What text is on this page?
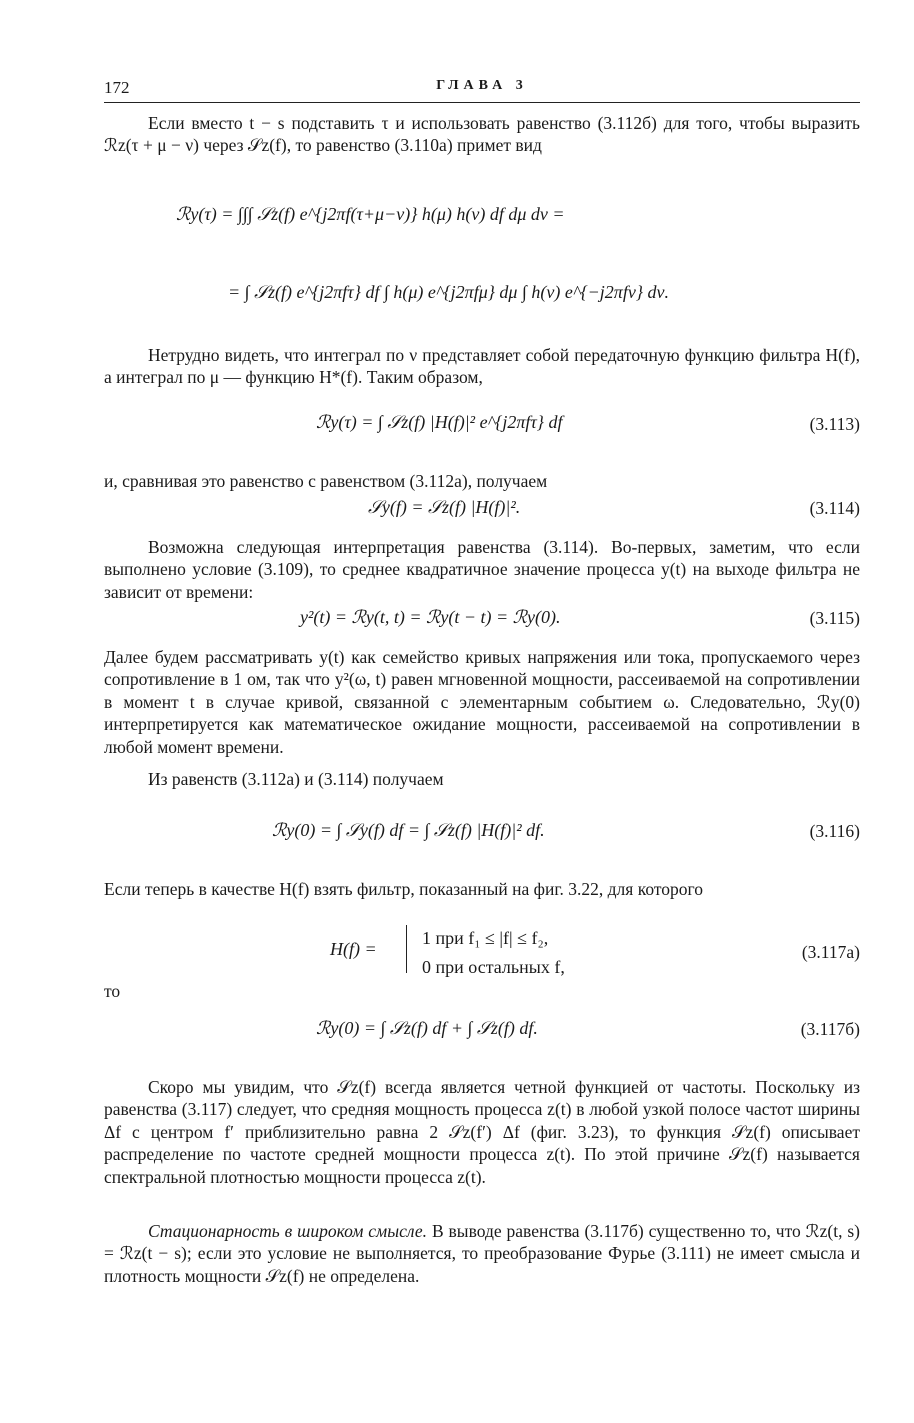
172	ГЛАВА 3

Если вместо t − s подставить τ и использовать равенство (3.112б) для того, чтобы выразить ℛz(τ + μ − ν) через 𝒮z(f), то равенство (3.110а) примет вид

ℛy(τ) = ∫∫∫ 𝒮z(f) e^{j2πf(τ+μ−ν)} h(μ) h(ν) df dμ dν =
= ∫ 𝒮z(f) e^{j2πfτ} df ∫ h(μ) e^{j2πfμ} dμ ∫ h(ν) e^{−j2πfν} dν.

Нетрудно видеть, что интеграл по ν представляет собой передаточную функцию фильтра H(f), а интеграл по μ — функцию H*(f). Таким образом,

ℛy(τ) = ∫ 𝒮z(f) |H(f)|² e^{j2πfτ} df	(3.113)

и, сравнивая это равенство с равенством (3.112а), получаем

𝒮y(f) = 𝒮z(f) |H(f)|².	(3.114)

Возможна следующая интерпретация равенства (3.114). Во-первых, заметим, что если выполнено условие (3.109), то среднее квадратичное значение процесса y(t) на выходе фильтра не зависит от времени:

y²(t) = ℛy(t, t) = ℛy(t − t) = ℛy(0).	(3.115)

Далее будем рассматривать y(t) как семейство кривых напряжения или тока, пропускаемого через сопротивление в 1 ом, так что y²(ω, t) равен мгновенной мощности, рассеиваемой на сопротивлении в момент t в случае кривой, связанной с элементарным событием ω. Следовательно, ℛy(0) интерпретируется как математическое ожидание мощности, рассеиваемой на сопротивлении в любой момент времени.

Из равенств (3.112а) и (3.114) получаем

ℛy(0) = ∫ 𝒮y(f) df = ∫ 𝒮z(f) |H(f)|² df.	(3.116)

Если теперь в качестве H(f) взять фильтр, показанный на фиг. 3.22, для которого

H(f) =
1 при f₁ ≤ |f| ≤ f₂,
0 при остальных f,
(3.117а)

то

ℛy(0) = ∫ 𝒮z(f) df + ∫ 𝒮z(f) df.	(3.117б)

Скоро мы увидим, что 𝒮z(f) всегда является четной функцией от частоты. Поскольку из равенства (3.117) следует, что средняя мощность процесса z(t) в любой узкой полосе частот ширины Δf с центром f′ приблизительно равна 2 𝒮z(f′) Δf (фиг. 3.23), то функция 𝒮z(f) описывает распределение по частоте средней мощности процесса z(t). По этой причине 𝒮z(f) называется спектральной плотностью мощности процесса z(t).

Стационарность в широком смысле. В выводе равенства (3.117б) существенно то, что ℛz(t, s) = ℛz(t − s); если это условие не выполняется, то преобразование Фурье (3.111) не имеет смысла и плотность мощности 𝒮z(f) не определена.
